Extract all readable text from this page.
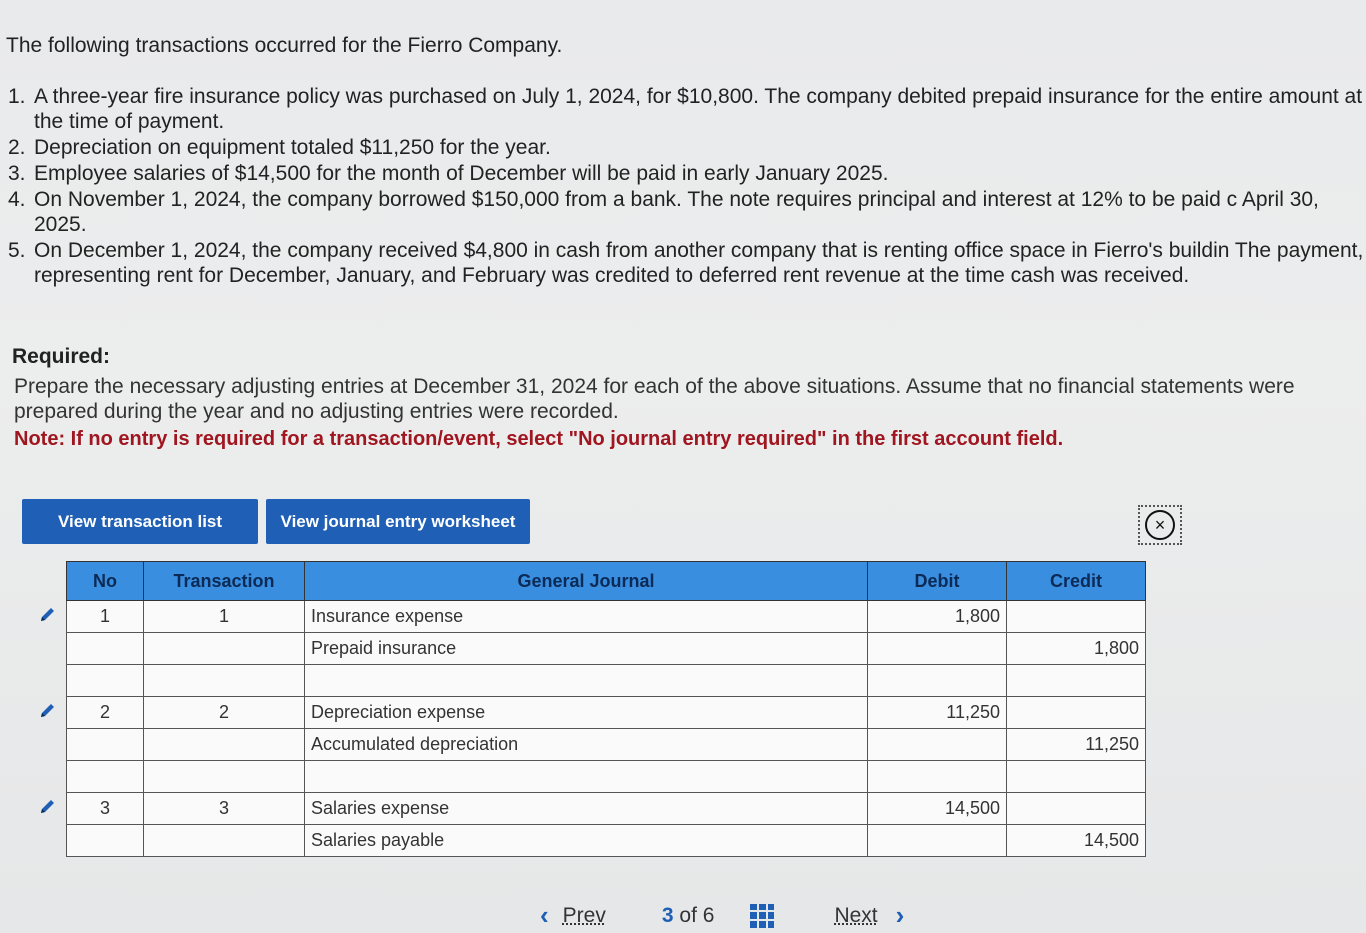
The following transactions occurred for the Fierro Company.
1. A three-year fire insurance policy was purchased on July 1, 2024, for $10,800. The company debited prepaid insurance for the entire amount at the time of payment.
2. Depreciation on equipment totaled $11,250 for the year.
3. Employee salaries of $14,500 for the month of December will be paid in early January 2025.
4. On November 1, 2024, the company borrowed $150,000 from a bank. The note requires principal and interest at 12% to be paid c April 30, 2025.
5. On December 1, 2024, the company received $4,800 in cash from another company that is renting office space in Fierro's buildin The payment, representing rent for December, January, and February was credited to deferred rent revenue at the time cash was received.
Required:
Prepare the necessary adjusting entries at December 31, 2024 for each of the above situations. Assume that no financial statements were prepared during the year and no adjusting entries were recorded.
Note: If no entry is required for a transaction/event, select "No journal entry required" in the first account field.
View transaction list	View journal entry worksheet	×
	No	Transaction	General Journal	Debit	Credit
	1	1	Insurance expense	1,800	
			Prepaid insurance		1,800

	2	2	Depreciation expense	11,250	
			Accumulated depreciation		11,250

	3	3	Salaries expense	14,500	
			Salaries payable		14,500
‹ Prev	3 of 6	Next ›
